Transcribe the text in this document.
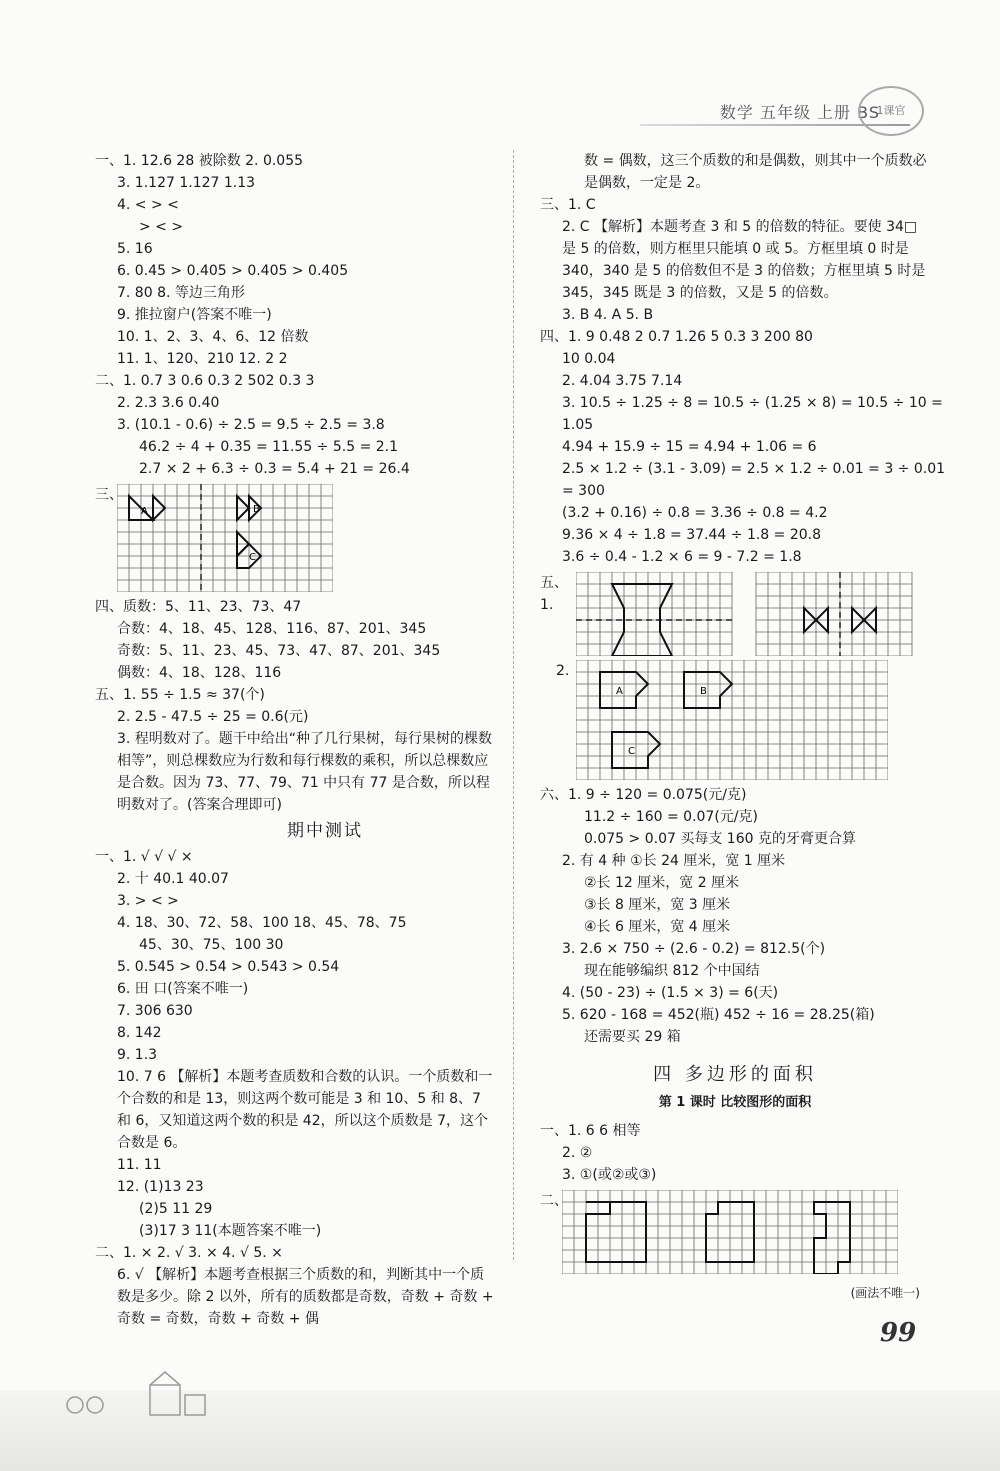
数学 五年级 上册 BS
1课官
一、1. 12.6 28 被除数 2. 0.055
3. 1.127 1.127 1.13
4. < > <
> < >
5. 16
6. 0.45 > 0.405 > 0.405 > 0.405
7. 80 8. 等边三角形
9. 推拉窗户(答案不唯一)
10. 1、2、3、4、6、12 倍数
11. 1、120、210 12. 2 2
二、1. 0.7 3 0.6 0.3 2 502 0.3 3
2. 2.3 3.6 0.40
3. (10.1 - 0.6) ÷ 2.5 = 9.5 ÷ 2.5 = 3.8
46.2 ÷ 4 + 0.35 = 11.55 ÷ 5.5 = 2.1
2.7 × 2 + 6.3 ÷ 0.3 = 5.4 + 21 = 26.4
三、
A	B
C
四、质数：5、11、23、73、47
合数：4、18、45、128、116、87、201、345
奇数：5、11、23、45、73、47、87、201、345
偶数：4、18、128、116
五、1. 55 ÷ 1.5 ≈ 37(个)
2. 2.5 - 47.5 ÷ 25 = 0.6(元)
3. 程明数对了。题干中给出“种了几行果树，每行果树的棵数相等”，则总棵数应为行数和每行棵数的乘积，所以总棵数应是合数。因为 73、77、79、71 中只有 77 是合数，所以程明数对了。(答案合理即可)
期中测试
一、1. √ √ √ ×
2. 十 40.1 40.07
3. > < >
4. 18、30、72、58、100 18、45、78、75
45、30、75、100 30
5. 0.545 > 0.54 > 0.543 > 0.54
6. 田 口(答案不唯一)
7. 306 630
8. 142
9. 1.3
10. 7 6 【解析】本题考查质数和合数的认识。一个质数和一个合数的和是 13，则这两个数可能是 3 和 10、5 和 8、7 和 6，又知道这两个数的积是 42，所以这个质数是 7，这个合数是 6。
11. 11
12. (1)13 23
(2)5 11 29
(3)17 3 11(本题答案不唯一)
二、1. × 2. √ 3. × 4. √ 5. ×
6. √ 【解析】本题考查根据三个质数的和，判断其中一个质数是多少。除 2 以外，所有的质数都是奇数，奇数 + 奇数 + 奇数 = 奇数，奇数 + 奇数 + 偶
数 = 偶数，这三个质数的和是偶数，则其中一个质数必是偶数，一定是 2。
三、1. C
2. C 【解析】本题考查 3 和 5 的倍数的特征。要使 34□是 5 的倍数，则方框里只能填 0 或 5。方框里填 0 时是 340，340 是 5 的倍数但不是 3 的倍数；方框里填 5 时是 345，345 既是 3 的倍数，又是 5 的倍数。
3. B 4. A 5. B
四、1. 9 0.48 2 0.7 1.26 5 0.3 3 200 80
10 0.04
2. 4.04 3.75 7.14
3. 10.5 ÷ 1.25 ÷ 8 = 10.5 ÷ (1.25 × 8) = 10.5 ÷ 10 =
1.05
4.94 + 15.9 ÷ 15 = 4.94 + 1.06 = 6
2.5 × 1.2 ÷ (3.1 - 3.09) = 2.5 × 1.2 ÷ 0.01 = 3 ÷ 0.01
= 300
(3.2 + 0.16) ÷ 0.8 = 3.36 ÷ 0.8 = 4.2
9.36 × 4 ÷ 1.8 = 37.44 ÷ 1.8 = 20.8
3.6 ÷ 0.4 - 1.2 × 6 = 9 - 7.2 = 1.8
五、1.
2.
A	B
C
六、1. 9 ÷ 120 = 0.075(元/克)
11.2 ÷ 160 = 0.07(元/克)
0.075 > 0.07 买每支 160 克的牙膏更合算
2. 有 4 种 ①长 24 厘米，宽 1 厘米
②长 12 厘米，宽 2 厘米
③长 8 厘米，宽 3 厘米
④长 6 厘米，宽 4 厘米
3. 2.6 × 750 ÷ (2.6 - 0.2) = 812.5(个)
现在能够编织 812 个中国结
4. (50 - 23) ÷ (1.5 × 3) = 6(天)
5. 620 - 168 = 452(瓶) 452 ÷ 16 = 28.25(箱)
还需要买 29 箱
四 多边形的面积
第 1 课时 比较图形的面积
一、1. 6 6 相等
2. ②
3. ①(或②或③)
二、
(画法不唯一)
99
